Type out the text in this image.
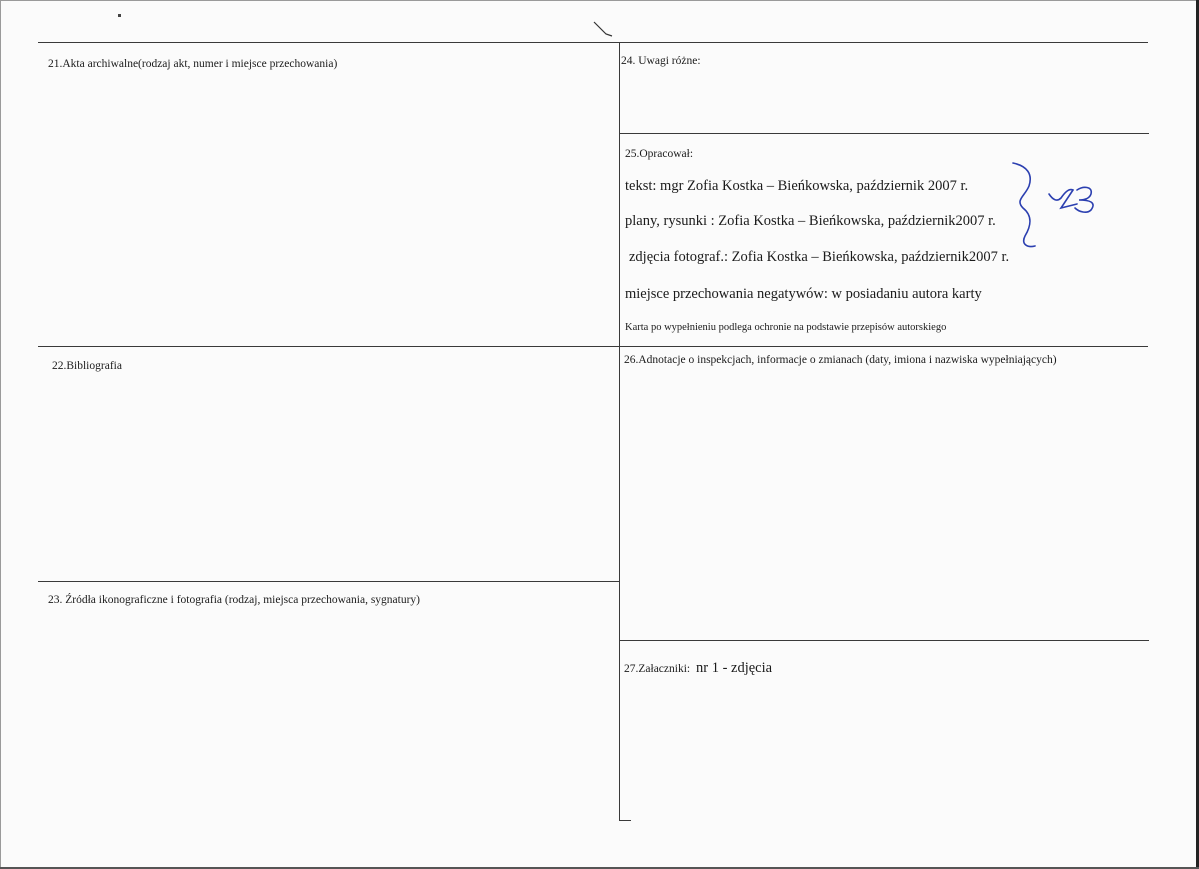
21.Akta archiwalne(rodzaj akt, numer i miejsce przechowania)
22.Bibliografia
23. Źródła ikonograficzne i fotografia (rodzaj, miejsca przechowania, sygnatury)
24. Uwagi różne:
25.Opracował:
tekst: mgr Zofia Kostka – Bieńkowska, październik 2007 r.
plany, rysunki : Zofia Kostka – Bieńkowska, październik2007 r.
zdjęcia fotograf.: Zofia Kostka – Bieńkowska, październik2007 r.
miejsce przechowania negatywów: w posiadaniu autora karty
Karta po wypełnieniu podlega ochronie na podstawie przepisów autorskiego
26.Adnotacje o inspekcjach, informacje o zmianach (daty, imiona i nazwiska wypełniających)
27.Załaczniki: nr 1 - zdjęcia
